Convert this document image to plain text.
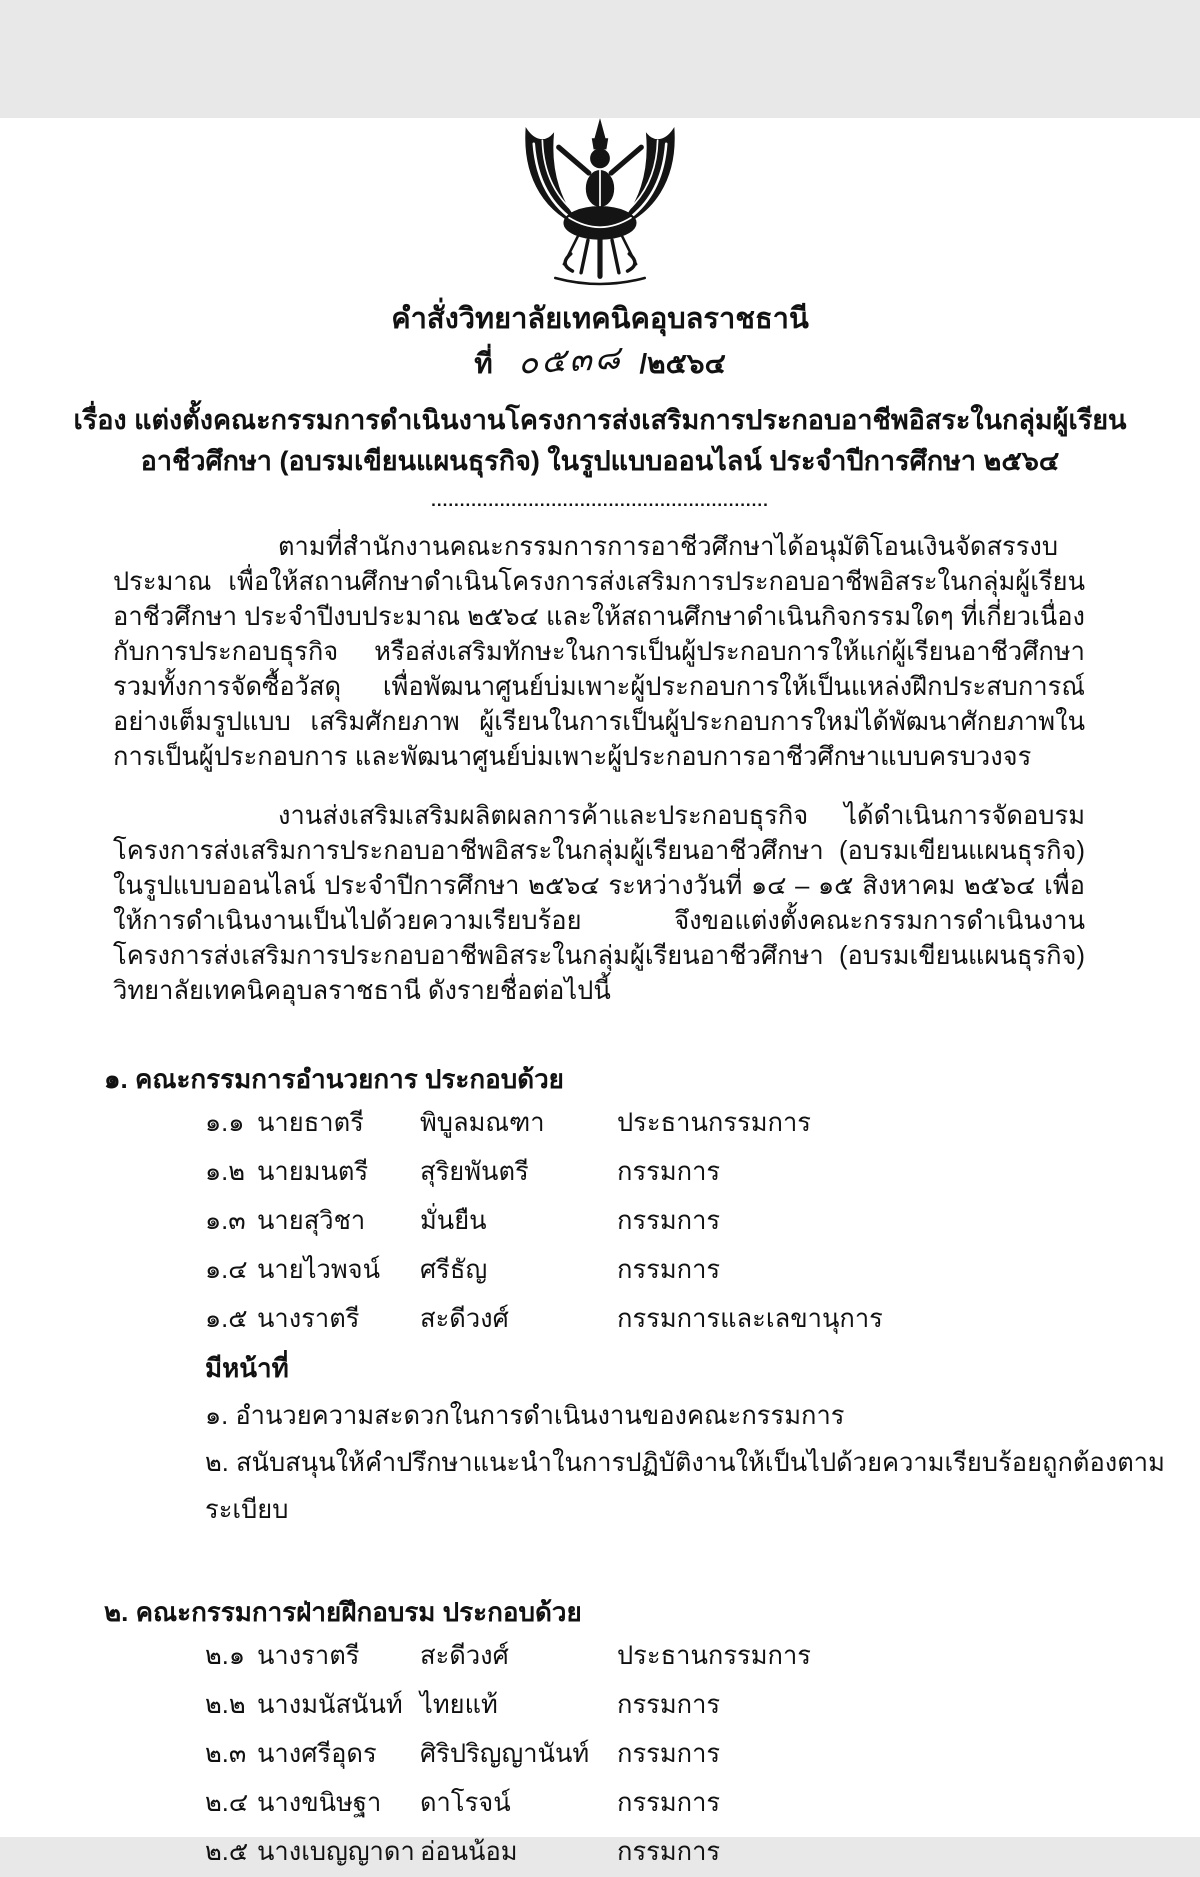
คำสั่งวิทยาลัยเทคนิคอุบลราชธานี
ที่ ๐๕๓๘ /๒๕๖๔
เรื่อง แต่งตั้งคณะกรรมการดำเนินงานโครงการส่งเสริมการประกอบอาชีพอิสระในกลุ่มผู้เรียน
อาชีวศึกษา (อบรมเขียนแผนธุรกิจ) ในรูปแบบออนไลน์ ประจำปีการศึกษา ๒๕๖๔
...........................................................

ตามที่สำนักงานคณะกรรมการการอาชีวศึกษาได้อนุมัติโอนเงินจัดสรรงบประมาณ เพื่อให้สถานศึกษาดำเนินโครงการส่งเสริมการประกอบอาชีพอิสระในกลุ่มผู้เรียนอาชีวศึกษา ประจำปีงบประมาณ ๒๕๖๔ และให้สถานศึกษาดำเนินกิจกรรมใดๆ ที่เกี่ยวเนื่องกับการประกอบธุรกิจ หรือส่งเสริมทักษะในการเป็นผู้ประกอบการให้แก่ผู้เรียนอาชีวศึกษารวมทั้งการจัดซื้อวัสดุ เพื่อพัฒนาศูนย์บ่มเพาะผู้ประกอบการให้เป็นแหล่งฝึกประสบการณ์อย่างเต็มรูปแบบ เสริมศักยภาพ ผู้เรียนในการเป็นผู้ประกอบการใหม่ได้พัฒนาศักยภาพในการเป็นผู้ประกอบการ และพัฒนาศูนย์บ่มเพาะผู้ประกอบการอาชีวศึกษาแบบครบวงจร

งานส่งเสริมเสริมผลิตผลการค้าและประกอบธุรกิจ ได้ดำเนินการจัดอบรมโครงการส่งเสริมการประกอบอาชีพอิสระในกลุ่มผู้เรียนอาชีวศึกษา (อบรมเขียนแผนธุรกิจ) ในรูปแบบออนไลน์ ประจำปีการศึกษา ๒๕๖๔ ระหว่างวันที่ ๑๔ – ๑๕ สิงหาคม ๒๕๖๔ เพื่อให้การดำเนินงานเป็นไปด้วยความเรียบร้อย จึงขอแต่งตั้งคณะกรรมการดำเนินงานโครงการส่งเสริมการประกอบอาชีพอิสระในกลุ่มผู้เรียนอาชีวศึกษา (อบรมเขียนแผนธุรกิจ) วิทยาลัยเทคนิคอุบลราชธานี ดังรายชื่อต่อไปนี้

๑. คณะกรรมการอำนวยการ ประกอบด้วย
๑.๑ นายธาตรี	พิบูลมณฑา	ประธานกรรมการ
๑.๒ นายมนตรี	สุริยพันตรี	กรรมการ
๑.๓ นายสุวิชา	มั่นยืน	กรรมการ
๑.๔ นายไวพจน์	ศรีธัญ	กรรมการ
๑.๕ นางราตรี	สะดีวงศ์	กรรมการและเลขานุการ
มีหน้าที่
๑. อำนวยความสะดวกในการดำเนินงานของคณะกรรมการ
๒. สนับสนุนให้คำปรึกษาแนะนำในการปฏิบัติงานให้เป็นไปด้วยความเรียบร้อยถูกต้องตามระเบียบ
๒. คณะกรรมการฝ่ายฝึกอบรม ประกอบด้วย
๒.๑ นางราตรี	สะดีวงศ์	ประธานกรรมการ
๒.๒ นางมนัสนันท์ ไทยแท้	กรรมการ
๒.๓ นางศรีอุดร	ศิริปริญญานันท์	กรรมการ
๒.๔ นางขนิษฐา	ดาโรจน์	กรรมการ
๒.๕ นางเบญญาดา อ่อนน้อม	กรรมการ
